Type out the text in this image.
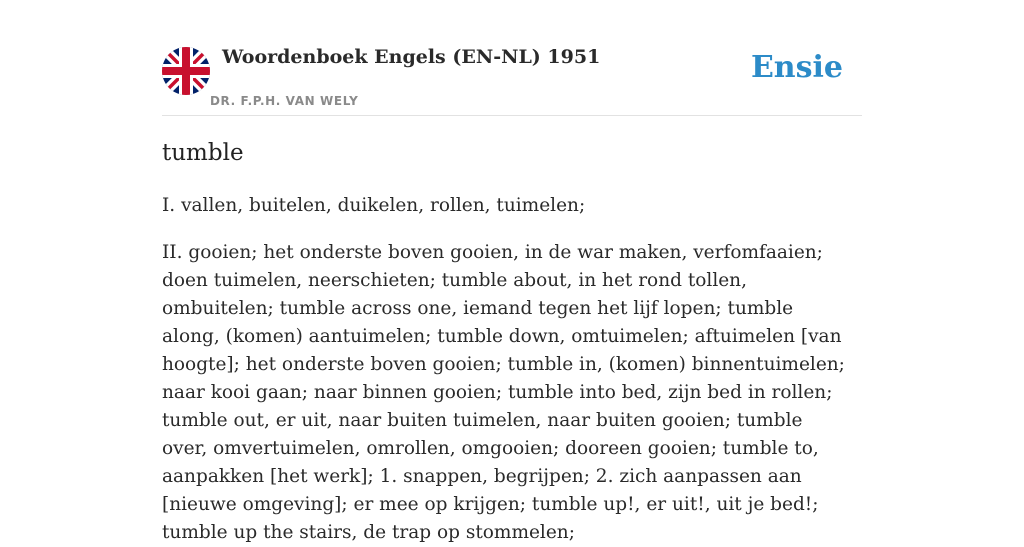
Woordenboek Engels (EN-NL) 1951
DR. F.P.H. VAN WELY
Ensie
tumble

I. vallen, buitelen, duikelen, rollen, tuimelen;

II. gooien; het onderste boven gooien, in de war maken, verfomfaaien; doen tuimelen, neerschieten; tumble about, in het rond tollen, ombuitelen; tumble across one, iemand tegen het lijf lopen; tumble along, (komen) aantuimelen; tumble down, omtuimelen; aftuimelen [van hoogte]; het onderste boven gooien; tumble in, (komen) binnentuimelen; naar kooi gaan; naar binnen gooien; tumble into bed, zijn bed in rollen; tumble out, er uit, naar buiten tuimelen, naar buiten gooien; tumble over, omvertuimelen, omrollen, omgooien; dooreen gooien; tumble to, aanpakken [het werk]; 1. snappen, begrijpen; 2. zich aanpassen aan [nieuwe omgeving]; er mee op krijgen; tumble up!, er uit!, uit je bed!; tumble up the stairs, de trap op stommelen;
